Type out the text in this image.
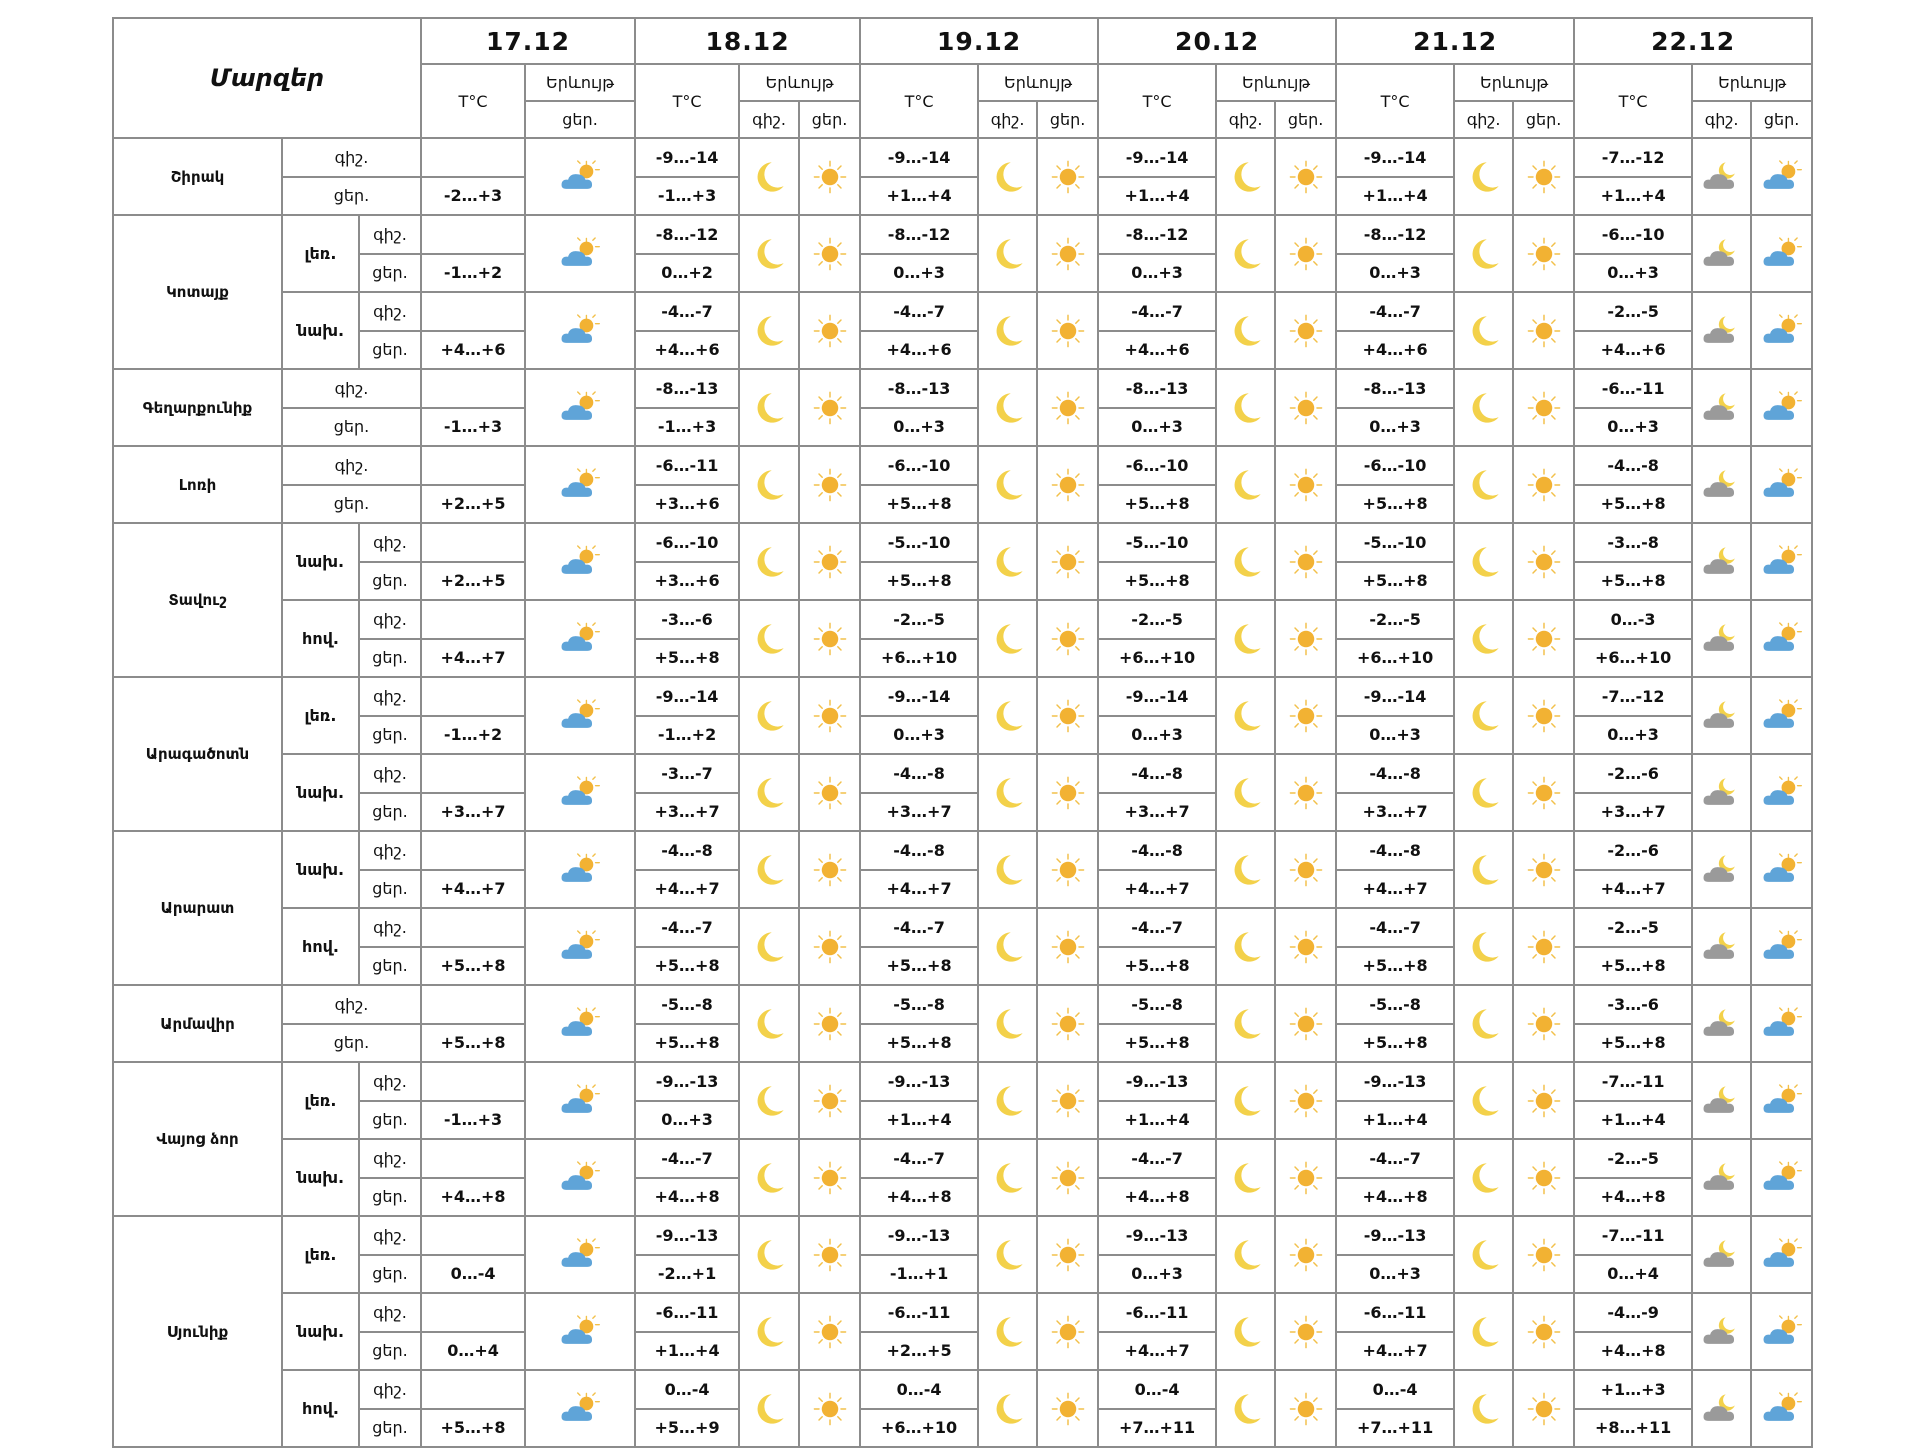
Մարզեր			17.12		18.12			19.12			20.12			21.12			22.12		
			T°C	Երևույթ	T°C	Երևույթ		T°C	Երևույթ		T°C	Երևույթ		T°C	Երևույթ		T°C	Երևույթ	
				ցեր.		գիշ.	ցեր.		գիշ.	ցեր.		գիշ.	ցեր.		գիշ.	ցեր.		գիշ.	ցեր.
Շիրակ	գիշ.				-9…-14			-9…-14			-9…-14			-9…-14			-7…-12	

	ցեր.		-2…+3		-1…+3			+1…+4			+1…+4			+1…+4			+1…+4		
Կոտայք	լեռ.	գիշ.			-8…-12			-8…-12			-8…-12			-8…-12			-6…-10	

		ցեր.	-1…+2		0…+2			0…+3			0…+3			0…+3			0…+3		
	նախ.	գիշ.			-4…-7			-4…-7			-4…-7			-4…-7			-2…-5	

		ցեր.	+4…+6		+4…+6			+4…+6			+4…+6			+4…+6			+4…+6		
Գեղարքունիք	գիշ.				-8…-13			-8…-13			-8…-13			-8…-13			-6…-11	

	ցեր.		-1…+3		-1…+3			0…+3			0…+3			0…+3			0…+3		
Լոռի	գիշ.				-6…-11			-6…-10			-6…-10			-6…-10			-4…-8	

	ցեր.		+2…+5		+3…+6			+5…+8			+5…+8			+5…+8			+5…+8		
Տավուշ	նախ.	գիշ.			-6…-10			-5…-10			-5…-10			-5…-10			-3…-8	

		ցեր.	+2…+5		+3…+6			+5…+8			+5…+8			+5…+8			+5…+8		
	հով.	գիշ.			-3…-6			-2…-5			-2…-5			-2…-5			0…-3	

		ցեր.	+4…+7		+5…+8			+6…+10			+6…+10			+6…+10			+6…+10		
Արագածոտն	լեռ.	գիշ.			-9…-14			-9…-14			-9…-14			-9…-14			-7…-12	

		ցեր.	-1…+2		-1…+2			0…+3			0…+3			0…+3			0…+3		
	նախ.	գիշ.			-3…-7			-4…-8			-4…-8			-4…-8			-2…-6	

		ցեր.	+3…+7		+3…+7			+3…+7			+3…+7			+3…+7			+3…+7		
Արարատ	նախ.	գիշ.			-4…-8			-4…-8			-4…-8			-4…-8			-2…-6	

		ցեր.	+4…+7		+4…+7			+4…+7			+4…+7			+4…+7			+4…+7		
	հով.	գիշ.			-4…-7			-4…-7			-4…-7			-4…-7			-2…-5	

		ցեր.	+5…+8		+5…+8			+5…+8			+5…+8			+5…+8			+5…+8		
Արմավիր	գիշ.				-5…-8			-5…-8			-5…-8			-5…-8			-3…-6	

	ցեր.		+5…+8		+5…+8			+5…+8			+5…+8			+5…+8			+5…+8		
Վայոց ձոր	լեռ.	գիշ.			-9…-13			-9…-13			-9…-13			-9…-13			-7…-11	

		ցեր.	-1…+3		0…+3			+1…+4			+1…+4			+1…+4			+1…+4		
	նախ.	գիշ.			-4…-7			-4…-7			-4…-7			-4…-7			-2…-5	

		ցեր.	+4…+8		+4…+8			+4…+8			+4…+8			+4…+8			+4…+8		
Սյունիք	լեռ.	գիշ.			-9…-13			-9…-13			-9…-13			-9…-13			-7…-11	

		ցեր.	0…-4		-2…+1			-1…+1			0…+3			0…+3			0…+4		
	նախ.	գիշ.			-6…-11			-6…-11			-6…-11			-6…-11			-4…-9	

		ցեր.	0…+4		+1…+4			+2…+5			+4…+7			+4…+7			+4…+8		
	հով.	գիշ.			0…-4			0…-4			0…-4			0…-4			+1…+3	

		ցեր.	+5…+8		+5…+9			+6…+10			+7…+11			+7…+11			+8…+11		
